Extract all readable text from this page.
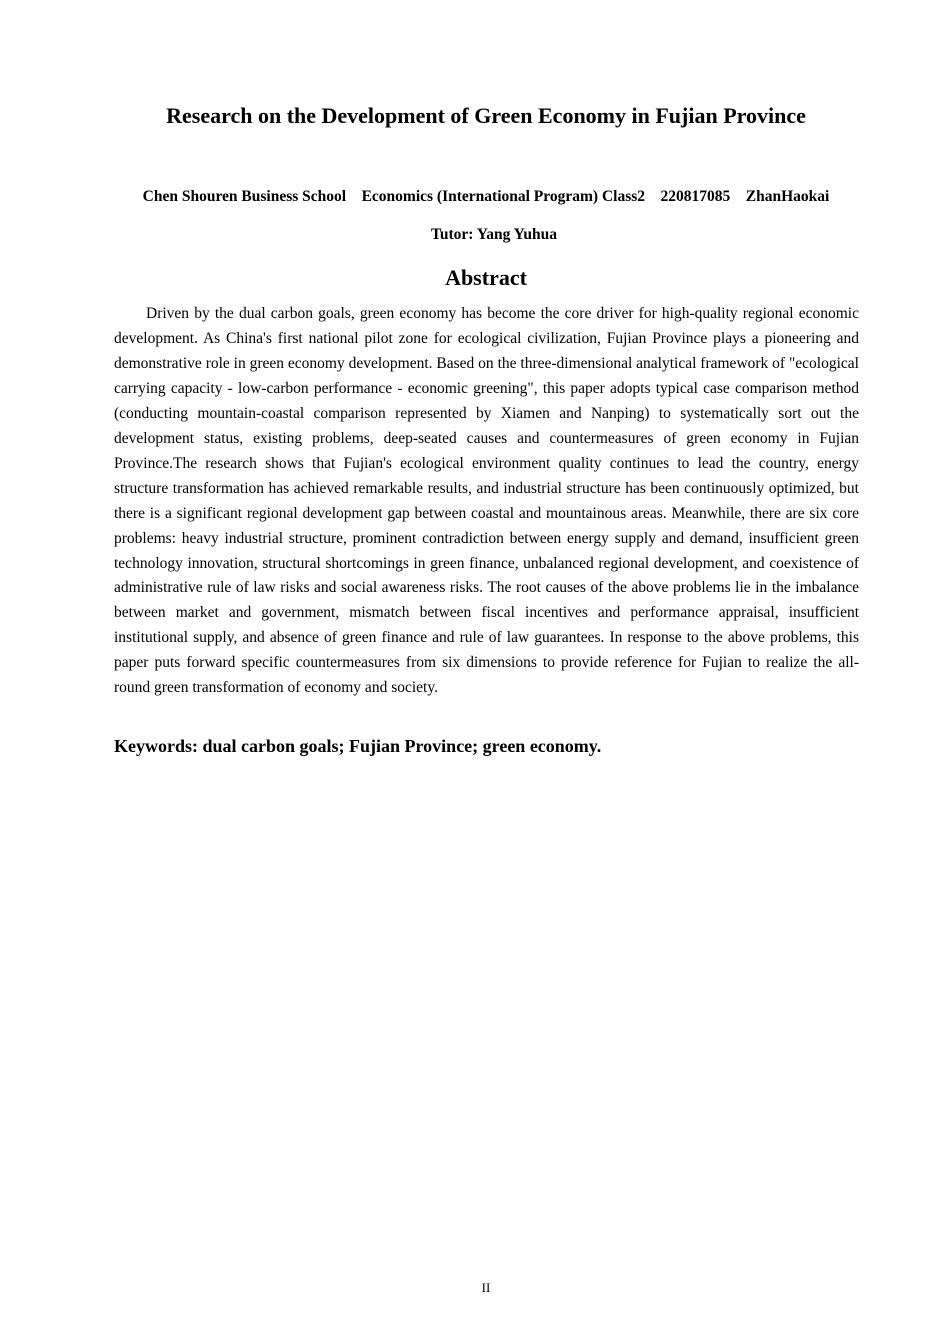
Research on the Development of Green Economy in Fujian Province
Chen Shouren Business School    Economics (International Program) Class2    220817085    ZhanHaokai
Tutor: Yang Yuhua
Abstract

Driven by the dual carbon goals, green economy has become the core driver for high-quality regional economic development. As China's first national pilot zone for ecological civilization, Fujian Province plays a pioneering and demonstrative role in green economy development. Based on the three-dimensional analytical framework of "ecological carrying capacity - low-carbon performance - economic greening", this paper adopts typical case comparison method (conducting mountain-coastal comparison represented by Xiamen and Nanping) to systematically sort out the development status, existing problems, deep-seated causes and countermeasures of green economy in Fujian Province.The research shows that Fujian's ecological environment quality continues to lead the country, energy structure transformation has achieved remarkable results, and industrial structure has been continuously optimized, but there is a significant regional development gap between coastal and mountainous areas. Meanwhile, there are six core problems: heavy industrial structure, prominent contradiction between energy supply and demand, insufficient green technology innovation, structural shortcomings in green finance, unbalanced regional development, and coexistence of administrative rule of law risks and social awareness risks. The root causes of the above problems lie in the imbalance between market and government, mismatch between fiscal incentives and performance appraisal, insufficient institutional supply, and absence of green finance and rule of law guarantees. In response to the above problems, this paper puts forward specific countermeasures from six dimensions to provide reference for Fujian to realize the all-round green transformation of economy and society.

Keywords: dual carbon goals; Fujian Province; green economy.
II
